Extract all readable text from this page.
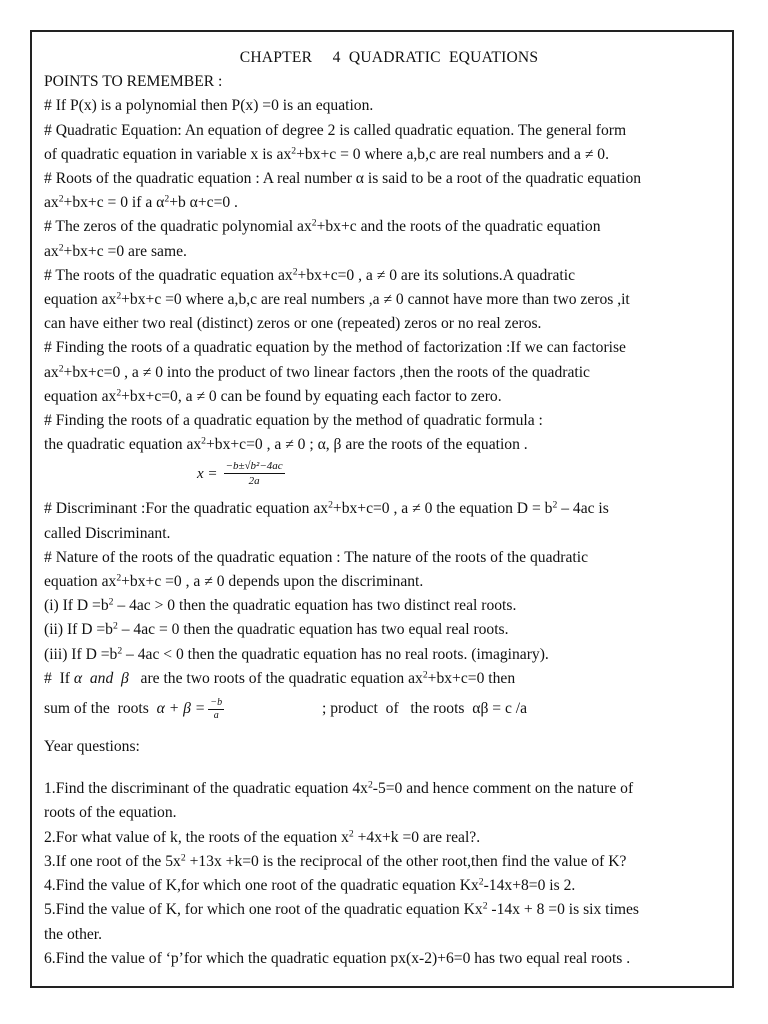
CHAPTER     4  QUADRATIC  EQUATIONS
POINTS TO REMEMBER :
# If P(x) is a polynomial then P(x) =0 is an equation.
# Quadratic Equation: An equation of degree 2 is called quadratic equation. The general form
of quadratic equation in variable x is $ax^2+bx+c = 0$ where a,b,c are real numbers and a ≠ 0.
# Roots of the quadratic equation : A real number α is said to be a root of the quadratic equation
$ax^2+bx+c = 0$ if a $\alpha^2+b$ α+c=0 .
# The zeros of the quadratic polynomial $ax^2+bx+c$ and the roots of the quadratic equation
$ax^2+bx+c =0$ are same.
# The roots of the quadratic equation $ax^2+bx+c=0$ , a ≠ 0 are its solutions.A quadratic
equation $ax^2+bx+c =0$ where a,b,c are real numbers ,a ≠ 0 cannot have more than two zeros ,it
can have either two real (distinct) zeros or one (repeated) zeros or no real zeros.
# Finding the roots of a quadratic equation by the method of factorization :If we can factorise
$ax^2+bx+c=0$ , a ≠ 0 into the product of two linear factors ,then the roots of the quadratic
equation $ax^2+bx+c=0$, a ≠ 0 can be found by equating each factor to zero.
# Finding the roots of a quadratic equation by the method of quadratic formula :
the quadratic equation $ax^2+bx+c=0$ , a ≠ 0 ; α, β are the roots of the equation .
$x = \frac{\text{−b±√b²−4ac}}{2a}$
# Discriminant :For the quadratic equation $ax^2+bx+c=0$ , a ≠ 0 the equation $D = b^2 - 4ac$ is
called Discriminant.
# Nature of the roots of the quadratic equation : The nature of the roots of the quadratic
equation $ax^2+bx+c =0$ , a ≠ 0 depends upon the discriminant.
(i) If $D =b^2 - 4ac > 0$ then the quadratic equation has two distinct real roots.
(ii) If $D =b^2 - 4ac = 0$ then the quadratic equation has two equal real roots.
(iii) If $D =b^2 - 4ac < 0$ then the quadratic equation has no real roots. (imaginary).
#  If α  and  β   are the two roots of the quadratic equation $ax^2+bx+c=0$ then
sum of the  roots  $\alpha + \beta = \frac{-b}{a}$	; product  of   the roots  αβ = c /a
Year questions:
1.Find the discriminant of the quadratic equation $4x^2-5=0$ and hence comment on the nature of
roots of the equation.
2.For what value of k, the roots of the equation $x^2 +4x+k =0$ are real?.
3.If one root of the $5x^2 +13x +k=0$ is the reciprocal of the other root,then find the value of K?
4.Find the value of K,for which one root of the quadratic equation $Kx^2-14x+8=0$ is 2.
5.Find the value of K, for which one root of the quadratic equation Kx$^2$ -14x + 8 =0 is six times
the other.
6.Find the value of ‘p’for which the quadratic equation px(x-2)+6=0 has two equal real roots .
